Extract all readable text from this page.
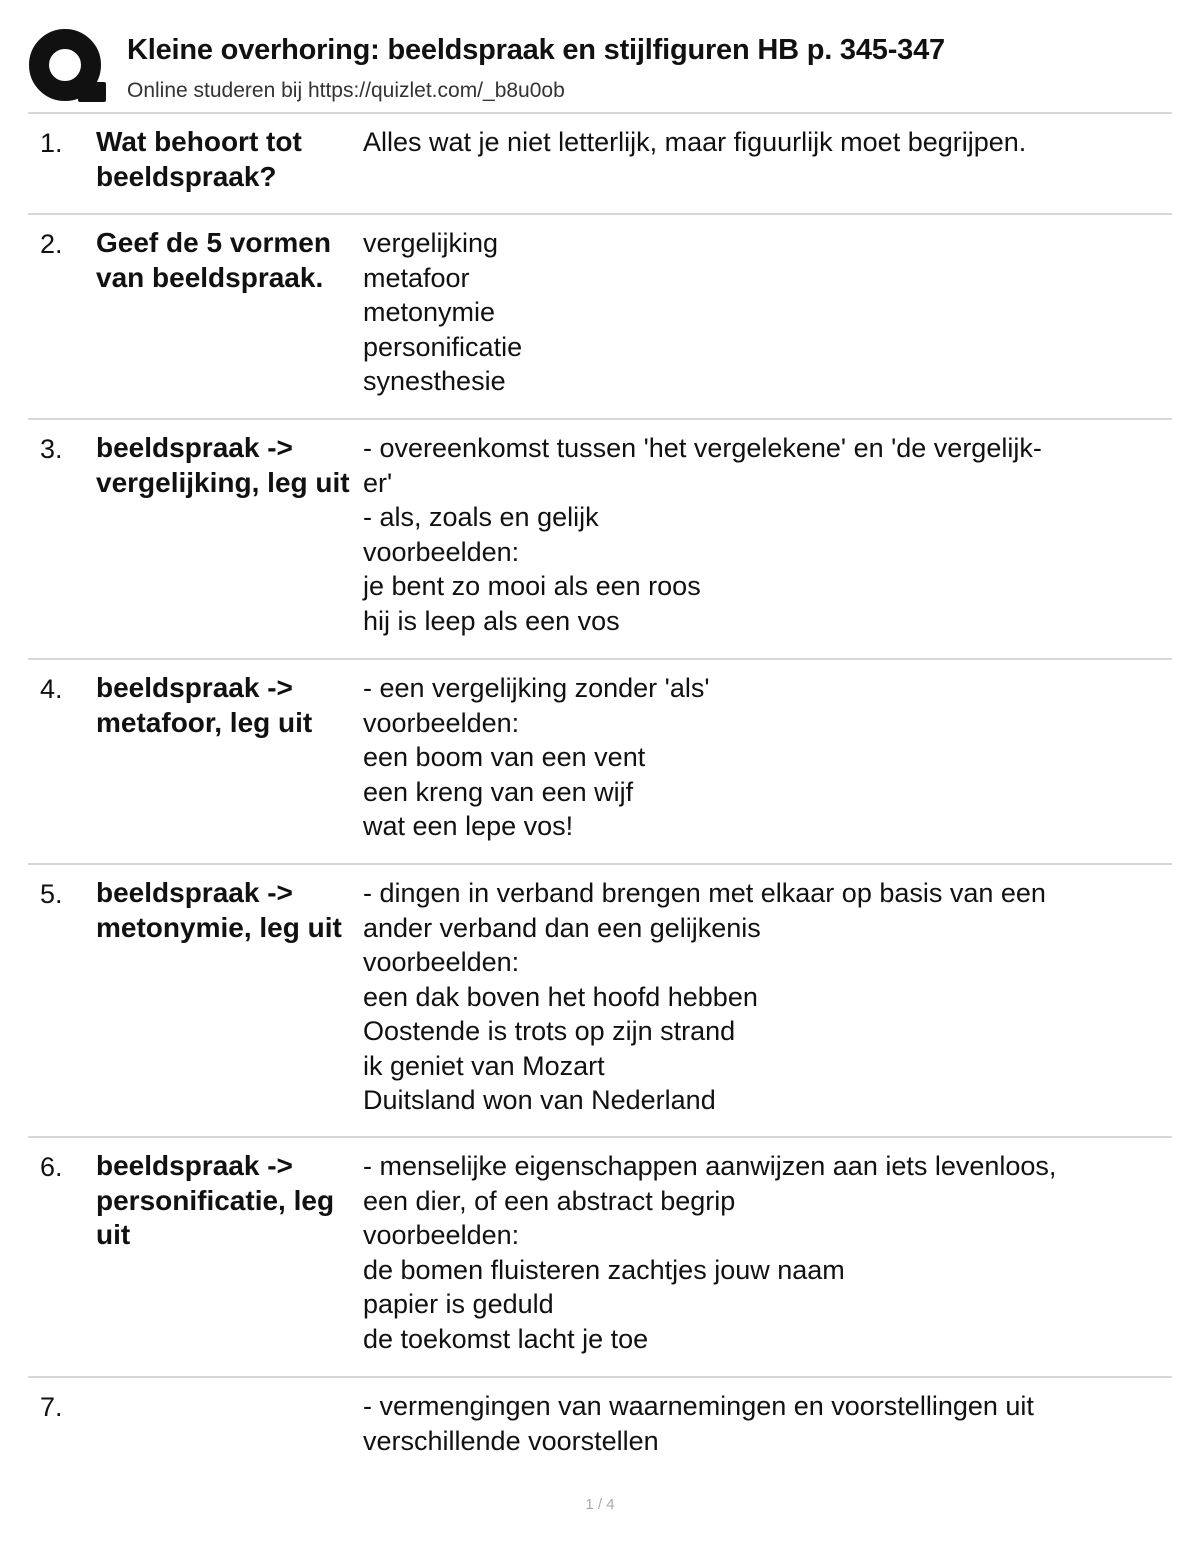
Kleine overhoring: beeldspraak en stijlfiguren HB p. 345-347
Online studeren bij https://quizlet.com/_b8u0ob
1. Wat behoort tot beeldspraak?
Alles wat je niet letterlijk, maar figuurlijk moet begrijpen.
2. Geef de 5 vormen van beeldspraak.
vergelijking
metafoor
metonymie
personificatie
synesthesie
3. beeldspraak -> vergelijking, leg uit
- overeenkomst tussen 'het vergelekene' en 'de vergelijk-
er'
- als, zoals en gelijk
voorbeelden:
je bent zo mooi als een roos
hij is leep als een vos
4. beeldspraak -> metafoor, leg uit
- een vergelijking zonder 'als'
voorbeelden:
een boom van een vent
een kreng van een wijf
wat een lepe vos!
5. beeldspraak -> metonymie, leg uit
- dingen in verband brengen met elkaar op basis van een
ander verband dan een gelijkenis
voorbeelden:
een dak boven het hoofd hebben
Oostende is trots op zijn strand
ik geniet van Mozart
Duitsland won van Nederland
6. beeldspraak -> personificatie, leg uit
- menselijke eigenschappen aanwijzen aan iets levenloos,
een dier, of een abstract begrip
voorbeelden:
de bomen fluisteren zachtjes jouw naam
papier is geduld
de toekomst lacht je toe
7.	- vermengingen van waarnemingen en voorstellingen uit
verschillende voorstellen
1 / 4
